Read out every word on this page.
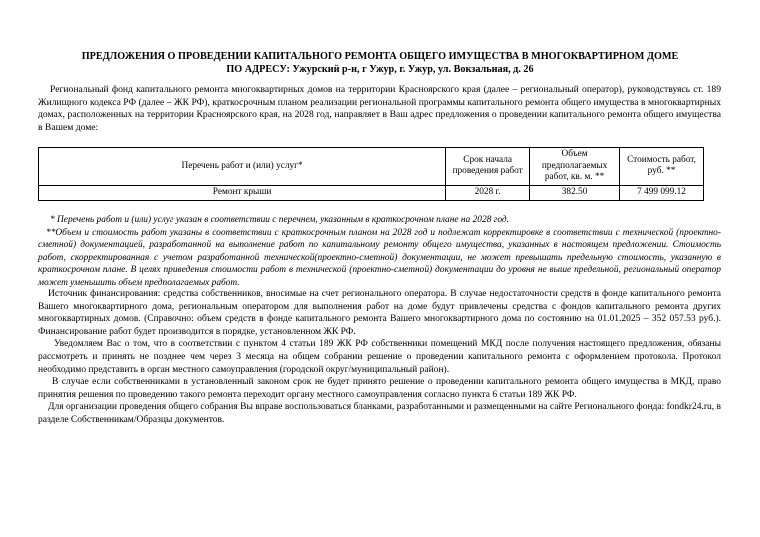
ПРЕДЛОЖЕНИЯ О ПРОВЕДЕНИИ КАПИТАЛЬНОГО РЕМОНТА ОБЩЕГО ИМУЩЕСТВА В МНОГОКВАРТИРНОМ ДОМЕ
ПО АДРЕСУ: Ужурский р-н, г Ужур, г. Ужур, ул. Вокзальная, д. 26

Региональный фонд капитального ремонта многоквартирных домов на территории Красноярского края (далее – региональный оператор), руководствуясь ст. 189 Жилищного кодекса РФ (далее – ЖК РФ), краткосрочным планом реализации региональной программы капитального ремонта общего имущества в многоквартирных домах, расположенных на территории Красноярского края, на 2028 год, направляет в Ваш адрес предложения о проведении капитального ремонта общего имущества в Вашем доме:

Перечень работ и (или) услуг*	Срок начала проведения работ	Объем предполагаемых работ, кв. м. **	Стоимость работ, руб. **
Ремонт крыши	2028 г.	382.50	7 499 099.12

* Перечень работ и (или) услуг указан в соответствии с перечнем, указанным в краткосрочном плане на 2028 год.

**Объем и стоимость работ указаны в соответствии с краткосрочным планом на 2028 год и подлежат корректировке в соответствии с технической (проектно-сметной) документацией, разработанной на выполнение работ по капитальному ремонту общего имущества, указанных в настоящем предложении. Стоимость работ, скорректированная с учетом разработанной технической(проектно-сметной) документации, не может превышать предельную стоимость, указанную в краткосрочном плане. В целях приведения стоимости работ в технической (проектно-сметной) документации до уровня не выше предельной, региональный оператор может уменьшить объем предполагаемых работ.

Источник финансирования: средства собственников, вносимые на счет регионального оператора. В случае недостаточности средств в фонде капитального ремонта Вашего многоквартирного дома, региональным оператором для выполнения работ на доме будут привлечены средства с фондов капитального ремонта других многоквартирных домов. (Справочно: объем средств в фонде капитального ремонта Вашего многоквартирного дома по состоянию на 01.01.2025 – 352 057.53 руб.). Финансирование работ будет производится в порядке, установленном ЖК РФ.

Уведомляем Вас о том, что в соответствии с пунктом 4 статьи 189 ЖК РФ собственники помещений МКД после получения настоящего предложения, обязаны рассмотреть и принять не позднее чем через 3 месяца на общем собрании решение о проведении капитального ремонта с оформлением протокола. Протокол необходимо представить в орган местного самоуправления (городской округ/муниципальный район).

В случае если собственниками в установленный законом срок не будет принято решение о проведении капитального ремонта общего имущества в МКД, право принятия решения по проведению такого ремонта переходит органу местного самоуправления согласно пункта 6 статьи 189 ЖК РФ.

Для организации проведения общего собрания Вы вправе воспользоваться бланками, разработанными и размещенными на сайте Регионального фонда: fondkr24.ru, в разделе Собственникам/Образцы документов.
